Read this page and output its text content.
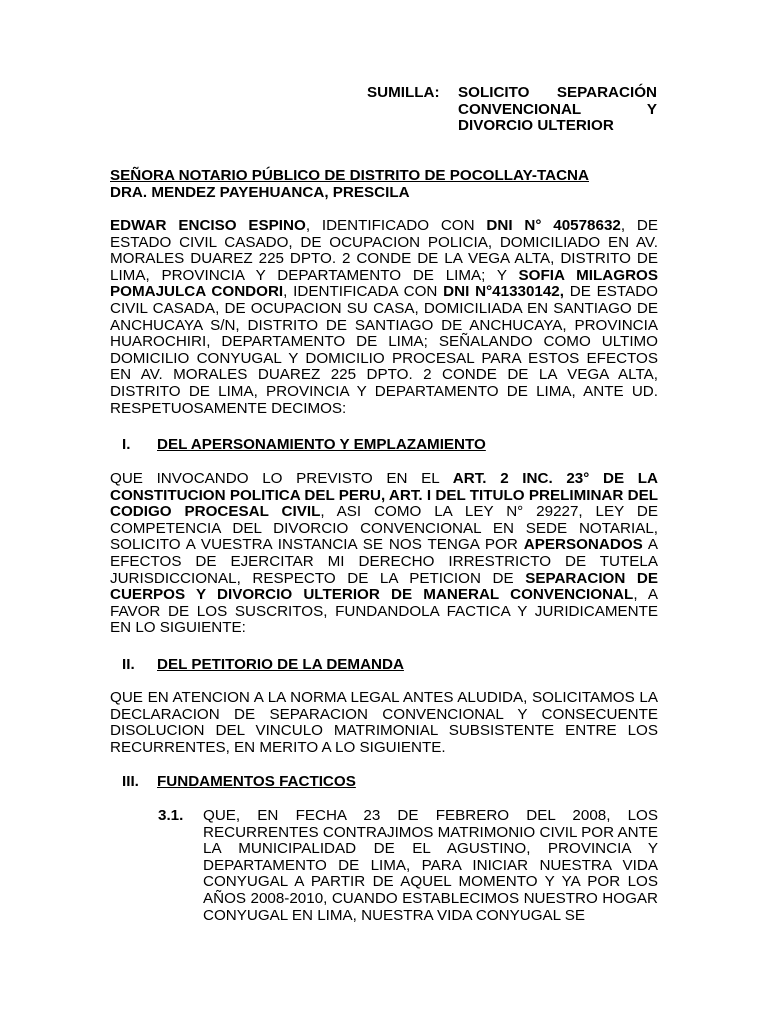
SUMILLA:	SOLICITO SEPARACIÓN
CONVENCIONAL	Y
DIVORCIO ULTERIOR
SEÑORA NOTARIO PÚBLICO DE DISTRITO DE POCOLLAY-TACNA
DRA. MENDEZ PAYEHUANCA, PRESCILA
EDWAR ENCISO ESPINO, IDENTIFICADO CON DNI N° 40578632, DE ESTADO CIVIL CASADO, DE OCUPACION POLICIA, DOMICILIADO EN AV. MORALES DUAREZ 225 DPTO. 2 CONDE DE LA VEGA ALTA, DISTRITO DE LIMA, PROVINCIA Y DEPARTAMENTO DE LIMA; Y SOFIA MILAGROS POMAJULCA CONDORI, IDENTIFICADA CON DNI N°41330142, DE ESTADO CIVIL CASADA, DE OCUPACION SU CASA, DOMICILIADA EN SANTIAGO DE ANCHUCAYA S/N, DISTRITO DE SANTIAGO DE ANCHUCAYA, PROVINCIA HUAROCHIRI, DEPARTAMENTO DE LIMA; SEÑALANDO COMO ULTIMO DOMICILIO CONYUGAL Y DOMICILIO PROCESAL PARA ESTOS EFECTOS EN AV. MORALES DUAREZ 225 DPTO. 2 CONDE DE LA VEGA ALTA, DISTRITO DE LIMA, PROVINCIA Y DEPARTAMENTO DE LIMA, ANTE UD. RESPETUOSAMENTE DECIMOS:
I.	DEL APERSONAMIENTO Y EMPLAZAMIENTO
QUE INVOCANDO LO PREVISTO EN EL ART. 2 INC. 23° DE LA CONSTITUCION POLITICA DEL PERU, ART. I DEL TITULO PRELIMINAR DEL CODIGO PROCESAL CIVIL, ASI COMO LA LEY N° 29227, LEY DE COMPETENCIA DEL DIVORCIO CONVENCIONAL EN SEDE NOTARIAL, SOLICITO A VUESTRA INSTANCIA SE NOS TENGA POR APERSONADOS A EFECTOS DE EJERCITAR MI DERECHO IRRESTRICTO DE TUTELA JURISDICCIONAL, RESPECTO DE LA PETICION DE SEPARACION DE CUERPOS Y DIVORCIO ULTERIOR DE MANERAL CONVENCIONAL, A FAVOR DE LOS SUSCRITOS, FUNDANDOLA FACTICA Y JURIDICAMENTE EN LO SIGUIENTE:
II.	DEL PETITORIO DE LA DEMANDA
QUE EN ATENCION A LA NORMA LEGAL ANTES ALUDIDA, SOLICITAMOS LA DECLARACION DE SEPARACION CONVENCIONAL Y CONSECUENTE DISOLUCION DEL VINCULO MATRIMONIAL SUBSISTENTE ENTRE LOS RECURRENTES, EN MERITO A LO SIGUIENTE.
III.	FUNDAMENTOS FACTICOS
3.1.	QUE, EN FECHA 23 DE FEBRERO DEL 2008, LOS RECURRENTES CONTRAJIMOS MATRIMONIO CIVIL POR ANTE LA MUNICIPALIDAD DE EL AGUSTINO, PROVINCIA Y DEPARTAMENTO DE LIMA, PARA INICIAR NUESTRA VIDA CONYUGAL A PARTIR DE AQUEL MOMENTO Y YA POR LOS AÑOS 2008-2010, CUANDO ESTABLECIMOS NUESTRO HOGAR CONYUGAL EN LIMA, NUESTRA VIDA CONYUGAL SE
